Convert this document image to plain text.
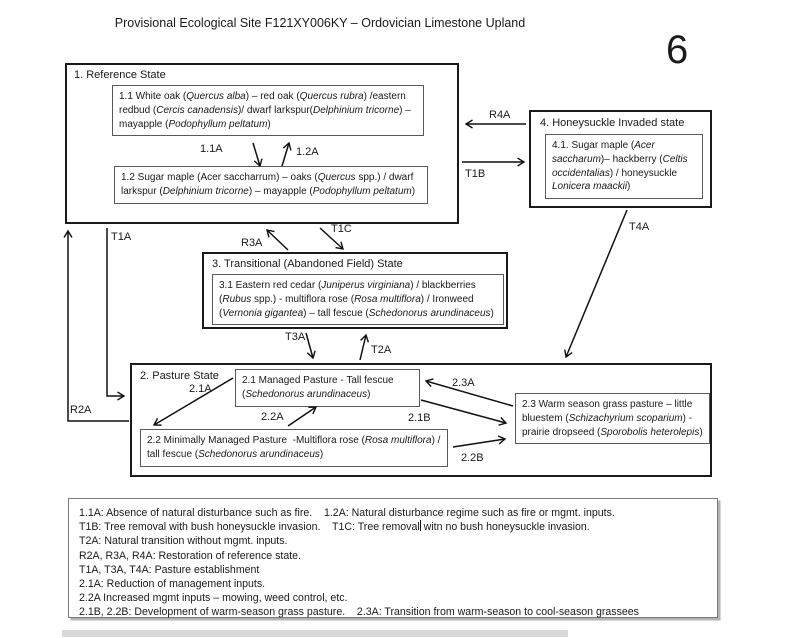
Provisional Ecological Site F121XY006KY – Ordovician Limestone Upland
6
1. Reference State
1.1 White oak (Quercus alba) – red oak (Quercus rubra) /eastern redbud (Cercis canadensis)/ dwarf larkspur(Delphinium tricorne) – mayapple (Podophyllum peltatum)
1.2 Sugar maple (Acer saccharrum) – oaks (Quercus spp.) / dwarf larkspur (Delphinium tricorne) – mayapple (Podophyllum peltatum)
4. Honeysuckle Invaded state
4.1. Sugar maple (Acer saccharum)– hackberry (Celtis occidentalias) / honeysuckle Lonicera maackii)
3. Transitional (Abandoned Field) State
3.1 Eastern red cedar (Juniperus virginiana) / blackberries (Rubus spp.) - multiflora rose (Rosa multiflora) / Ironweed (Vernonia gigantea) – tall fescue (Schedonorus arundinaceus)
2. Pasture State	2.1 Managed Pasture - Tall fescue (Schedonorus arundinaceus)
2.2 Minimally Managed Pasture  -Multiflora rose (Rosa multiflora) / tall fescue (Schedonorus arundinaceus)
2.3 Warm season grass pasture – little bluestem (Schizachyrium scoparium) - prairie dropseed (Sporobolis heterolepis)
1.1A	1.2A
R4A
T1B
T1A	R3A
T1C	T4A
T3A
T2A
R2A
2.1A
2.2A	2.1B
2.3A
2.2B
1.1A: Absence of natural disturbance such as fire.    1.2A: Natural disturbance regime such as fire or mgmt. inputs.
T1B: Tree removal with bush honeysuckle invasion.    T1C: Tree removal witn no bush honeysuckle invasion.
T2A: Natural transition without mgmt. inputs.
R2A, R3A, R4A: Restoration of reference state.
T1A, T3A, T4A: Pasture establishment
2.1A: Reduction of management inputs.
2.2A Increased mgmt inputs – mowing, weed control, etc.
2.1B, 2.2B: Development of warm-season grass pasture.    2.3A: Transition from warm-season to cool-season grassees
